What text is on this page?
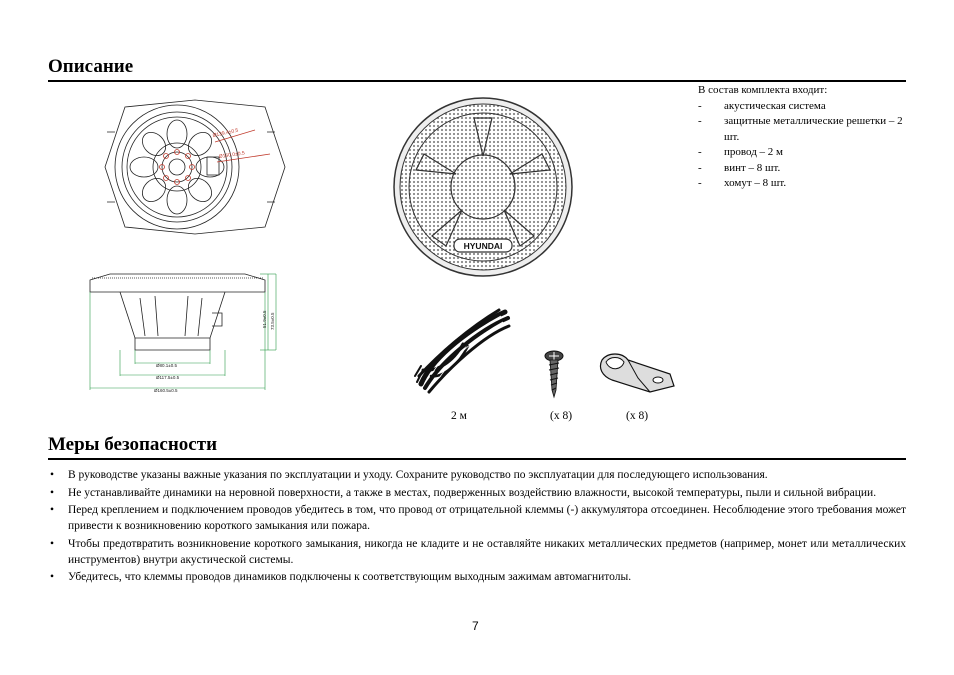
Описание
Ø139.4±0.5
Ø160.0±0.5
Ø80.1±0.5
Ø117.5±0.5
Ø160.5±0.5
51.9±0.5 73.5±0.5
HYUNDAI
В состав комплекта входит:
-	акустическая система
-	защитные металлические решетки – 2 шт.
-	провод – 2 м
-	винт – 8 шт.
-	хомут – 8 шт.
2 м	(x 8)	(x 8)
Меры безопасности
• В руководстве указаны важные указания по эксплуатации и уходу. Сохраните руководство по эксплуатации для последующего использования.
• Не устанавливайте динамики на неровной поверхности, а также в местах, подверженных воздействию влажности, высокой температуры, пыли и сильной вибрации.
• Перед креплением и подключением проводов убедитесь в том, что провод от отрицательной клеммы (-) аккумулятора отсоединен. Несоблюдение этого требования может привести к возникновению короткого замыкания или пожара.
• Чтобы предотвратить возникновение короткого замыкания, никогда не кладите и не оставляйте никаких металлических предметов (например, монет или металлических инструментов) внутри акустической системы.
• Убедитесь, что клеммы проводов динамиков подключены к соответствующим выходным зажимам автомагнитолы.
7
